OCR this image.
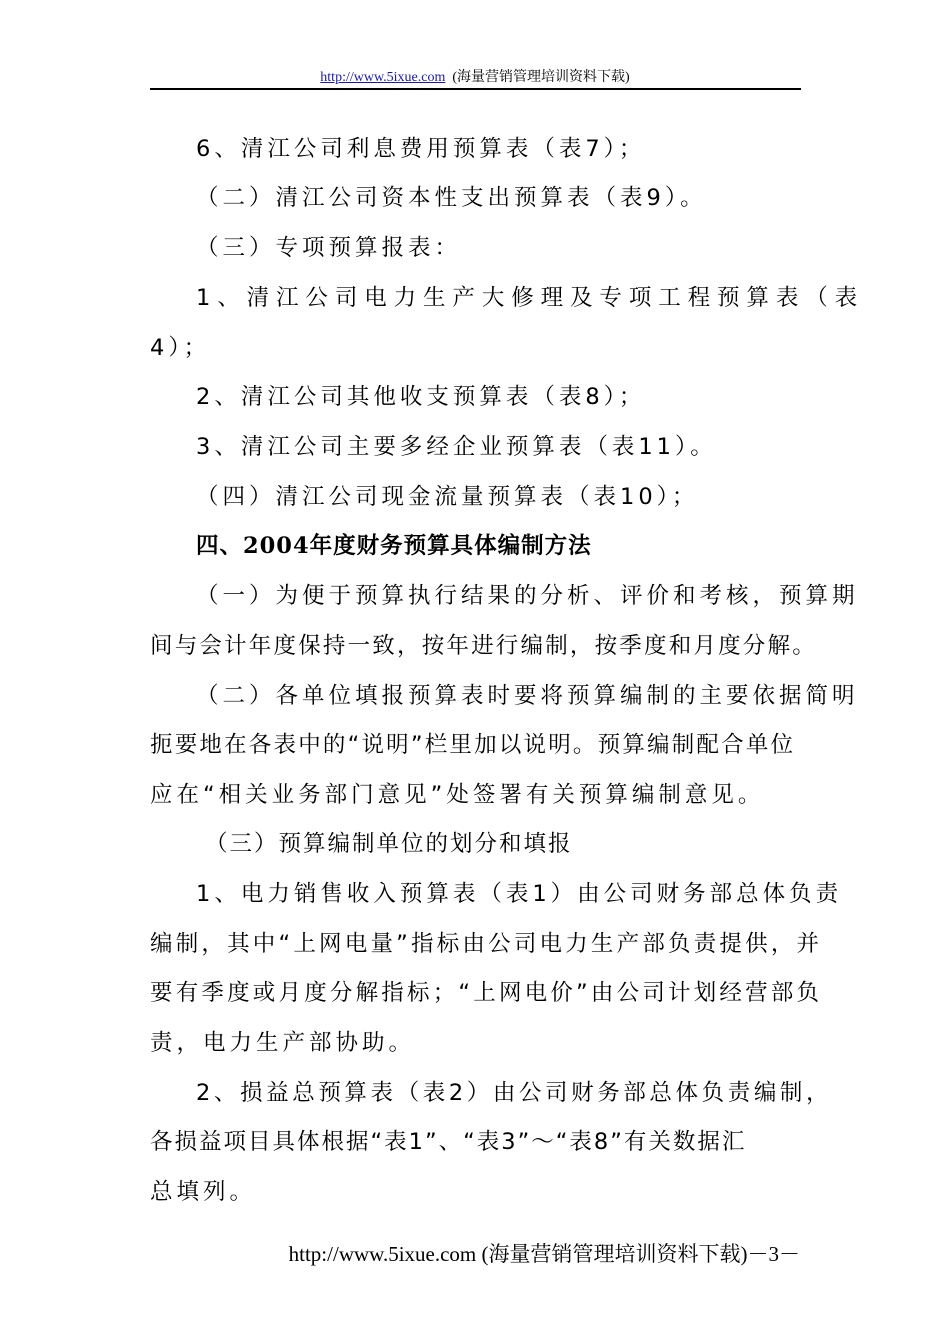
http://www.5ixue.com (海量营销管理培训资料下载)
6、清江公司利息费用预算表（表7）；
（二）清江公司资本性支出预算表（表9）。
（三）专项预算报表：
1、清江公司电力生产大修理及专项工程预算表（表
4）；
2、清江公司其他收支预算表（表8）；
3、清江公司主要多经企业预算表（表11）。
（四）清江公司现金流量预算表（表10）；
四、2004年度财务预算具体编制方法
（一）为便于预算执行结果的分析、评价和考核，预算期
间与会计年度保持一致，按年进行编制，按季度和月度分解。
（二）各单位填报预算表时要将预算编制的主要依据简明
扼要地在各表中的“说明”栏里加以说明。预算编制配合单位
应在“相关业务部门意见”处签署有关预算编制意见。
（三）预算编制单位的划分和填报
1、电力销售收入预算表（表1）由公司财务部总体负责
编制，其中“上网电量”指标由公司电力生产部负责提供，并
要有季度或月度分解指标；“上网电价”由公司计划经营部负
责，电力生产部协助。
2、损益总预算表（表2）由公司财务部总体负责编制，
各损益项目具体根据“表1”、“表3”～“表8”有关数据汇
总填列。
http://www.5ixue.com (海量营销管理培训资料下载)－3－
